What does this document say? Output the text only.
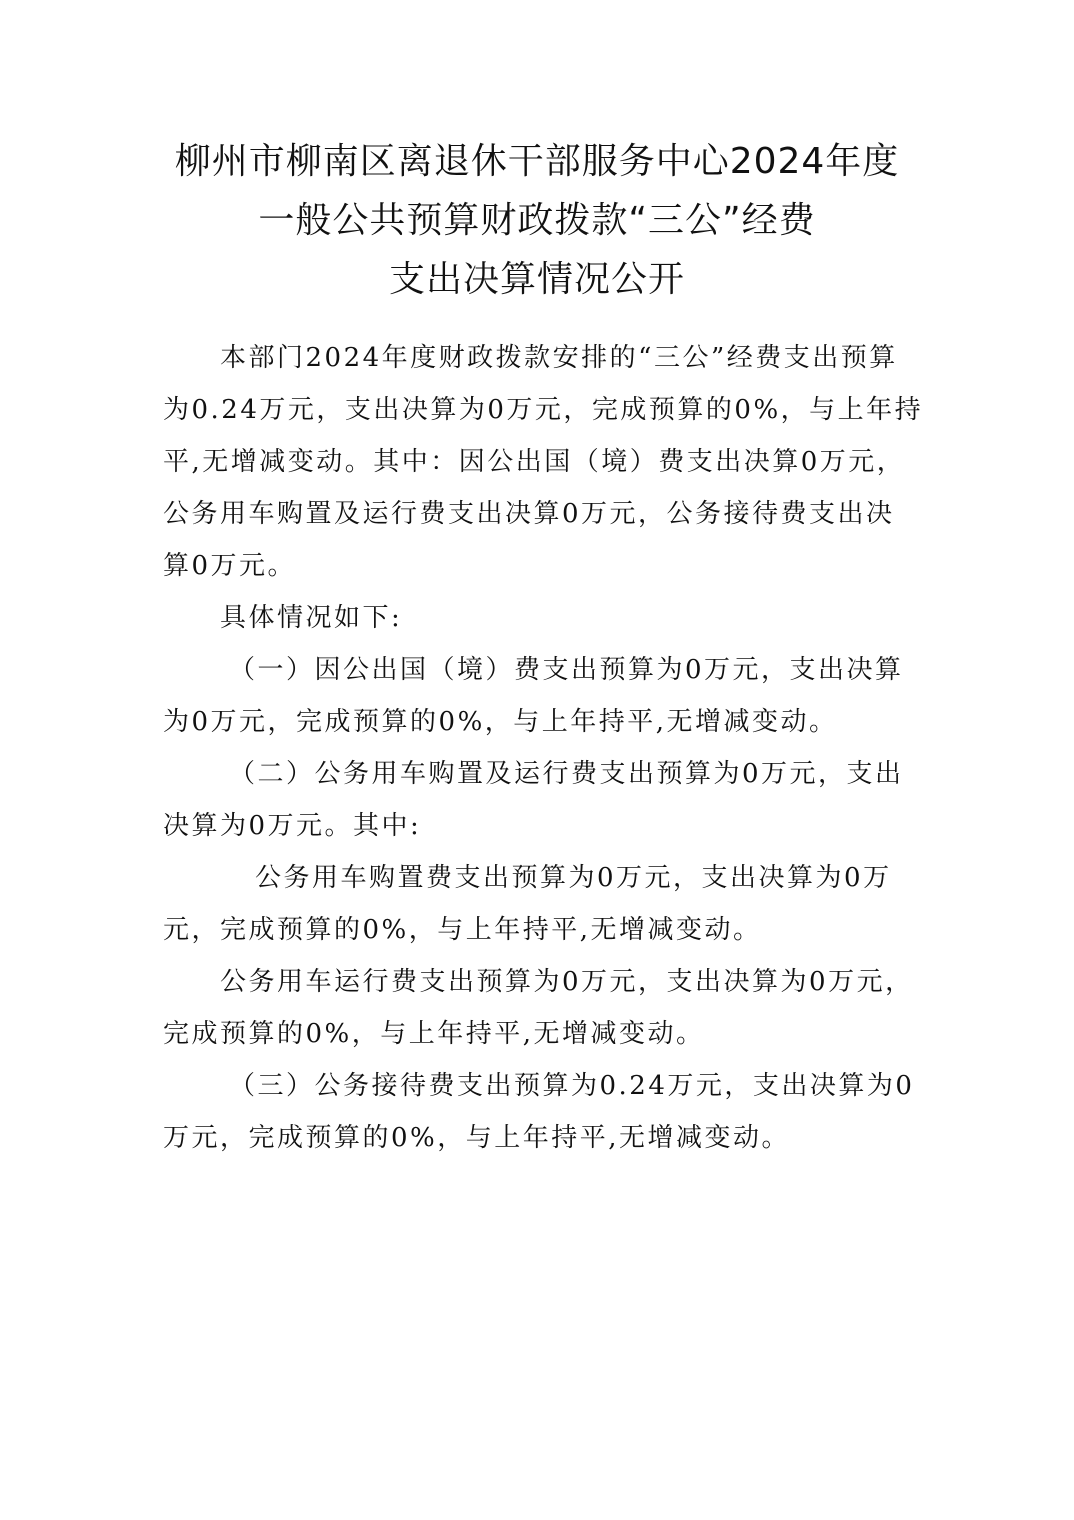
柳州市柳南区离退休干部服务中心2024年度
一般公共预算财政拨款“三公”经费
支出决算情况公开
本部门2024年度财政拨款安排的“三公”经费支出预算
为0.24万元，支出决算为0万元，完成预算的0%，与上年持
平,无增减变动。其中：因公出国（境）费支出决算0万元，
公务用车购置及运行费支出决算0万元，公务接待费支出决
算0万元。
具体情况如下:
（一）因公出国（境）费支出预算为0万元，支出决算
为0万元，完成预算的0%，与上年持平,无增减变动。
（二）公务用车购置及运行费支出预算为0万元，支出
决算为0万元。其中:
公务用车购置费支出预算为0万元，支出决算为0万
元，完成预算的0%，与上年持平,无增减变动。
公务用车运行费支出预算为0万元，支出决算为0万元，
完成预算的0%，与上年持平,无增减变动。
（三）公务接待费支出预算为0.24万元，支出决算为0
万元，完成预算的0%，与上年持平,无增减变动。
